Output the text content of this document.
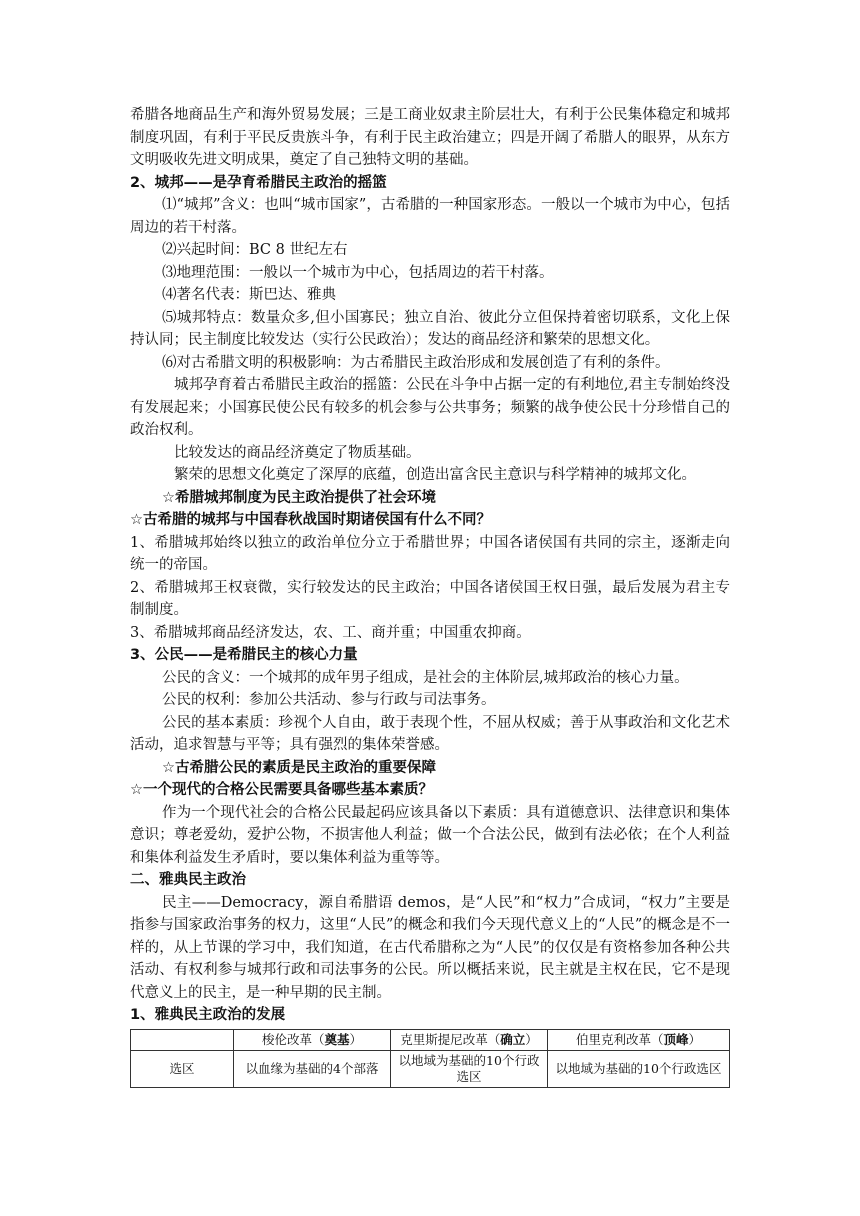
希腊各地商品生产和海外贸易发展；三是工商业奴隶主阶层壮大，有利于公民集体稳定和城邦制度巩固，有利于平民反贵族斗争，有利于民主政治建立；四是开阔了希腊人的眼界，从东方文明吸收先进文明成果，奠定了自己独特文明的基础。

2、城邦——是孕育希腊民主政治的摇篮

⑴“城邦”含义：也叫“城市国家”，古希腊的一种国家形态。一般以一个城市为中心，包括周边的若干村落。

⑵兴起时间：BC 8 世纪左右

⑶地理范围：一般以一个城市为中心，包括周边的若干村落。

⑷著名代表：斯巴达、雅典

⑸城邦特点：数量众多,但小国寡民；独立自治、彼此分立但保持着密切联系，文化上保持认同；民主制度比较发达（实行公民政治）；发达的商品经济和繁荣的思想文化。

⑹对古希腊文明的积极影响：为古希腊民主政治形成和发展创造了有利的条件。

城邦孕育着古希腊民主政治的摇篮：公民在斗争中占据一定的有利地位,君主专制始终没有发展起来；小国寡民使公民有较多的机会参与公共事务；频繁的战争使公民十分珍惜自己的政治权利。

比较发达的商品经济奠定了物质基础。

繁荣的思想文化奠定了深厚的底蕴，创造出富含民主意识与科学精神的城邦文化。

☆希腊城邦制度为民主政治提供了社会环境

☆古希腊的城邦与中国春秋战国时期诸侯国有什么不同？

1、希腊城邦始终以独立的政治单位分立于希腊世界；中国各诸侯国有共同的宗主，逐渐走向统一的帝国。

2、希腊城邦王权衰微，实行较发达的民主政治；中国各诸侯国王权日强，最后发展为君主专制制度。

3、希腊城邦商品经济发达，农、工、商并重；中国重农抑商。

3、公民——是希腊民主的核心力量

公民的含义：一个城邦的成年男子组成，是社会的主体阶层,城邦政治的核心力量。

公民的权利：参加公共活动、参与行政与司法事务。

公民的基本素质：珍视个人自由，敢于表现个性，不屈从权威；善于从事政治和文化艺术活动，追求智慧与平等；具有强烈的集体荣誉感。

☆古希腊公民的素质是民主政治的重要保障

☆一个现代的合格公民需要具备哪些基本素质？

作为一个现代社会的合格公民最起码应该具备以下素质：具有道德意识、法律意识和集体意识；尊老爱幼，爱护公物，不损害他人利益；做一个合法公民，做到有法必依；在个人利益和集体利益发生矛盾时，要以集体利益为重等等。

二、雅典民主政治

民主——Democracy，源自希腊语 demos，是“人民”和“权力”合成词，“权力”主要是指参与国家政治事务的权力，这里“人民”的概念和我们今天现代意义上的“人民”的概念是不一样的，从上节课的学习中，我们知道，在古代希腊称之为“人民”的仅仅是有资格参加各种公共活动、有权利参与城邦行政和司法事务的公民。所以概括来说，民主就是主权在民，它不是现代意义上的民主，是一种早期的民主制。

1、雅典民主政治的发展

	梭伦改革（奠基）	克里斯提尼改革（确立）	伯里克利改革（顶峰）
选区	以血缘为基础的4个部落	以地域为基础的10个行政选区	以地域为基础的10个行政选区
